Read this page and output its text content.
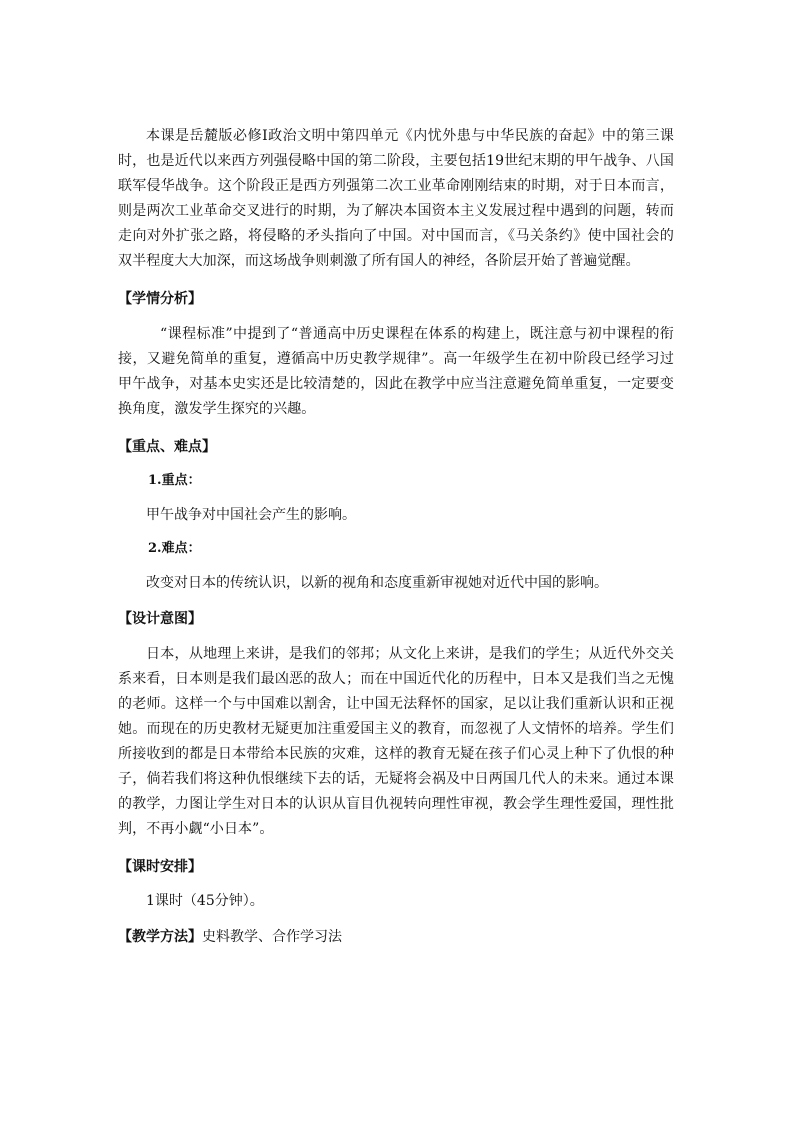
本课是岳麓版必修Ⅰ政治文明中第四单元《内忧外患与中华民族的奋起》中的第三课时，也是近代以来西方列强侵略中国的第二阶段，主要包括19世纪末期的甲午战争、八国联军侵华战争。这个阶段正是西方列强第二次工业革命刚刚结束的时期，对于日本而言，则是两次工业革命交叉进行的时期，为了解决本国资本主义发展过程中遇到的问题，转而走向对外扩张之路，将侵略的矛头指向了中国。对中国而言，《马关条约》使中国社会的双半程度大大加深，而这场战争则刺激了所有国人的神经，各阶层开始了普遍觉醒。

【学情分析】

“课程标准”中提到了“普通高中历史课程在体系的构建上，既注意与初中课程的衔接，又避免简单的重复，遵循高中历史教学规律”。高一年级学生在初中阶段已经学习过甲午战争，对基本史实还是比较清楚的，因此在教学中应当注意避免简单重复，一定要变换角度，激发学生探究的兴趣。

【重点、难点】

1.重点：

甲午战争对中国社会产生的影响。

2.难点：

改变对日本的传统认识，以新的视角和态度重新审视她对近代中国的影响。

【设计意图】

日本，从地理上来讲，是我们的邻邦；从文化上来讲，是我们的学生；从近代外交关系来看，日本则是我们最凶恶的敌人；而在中国近代化的历程中，日本又是我们当之无愧的老师。这样一个与中国难以割舍，让中国无法释怀的国家，足以让我们重新认识和正视她。而现在的历史教材无疑更加注重爱国主义的教育，而忽视了人文情怀的培养。学生们所接收到的都是日本带给本民族的灾难，这样的教育无疑在孩子们心灵上种下了仇恨的种子，倘若我们将这种仇恨继续下去的话，无疑将会祸及中日两国几代人的未来。通过本课的教学，力图让学生对日本的认识从盲目仇视转向理性审视，教会学生理性爱国，理性批判，不再小觑“小日本”。

【课时安排】

1课时（45分钟）。

【教学方法】史料教学、合作学习法
